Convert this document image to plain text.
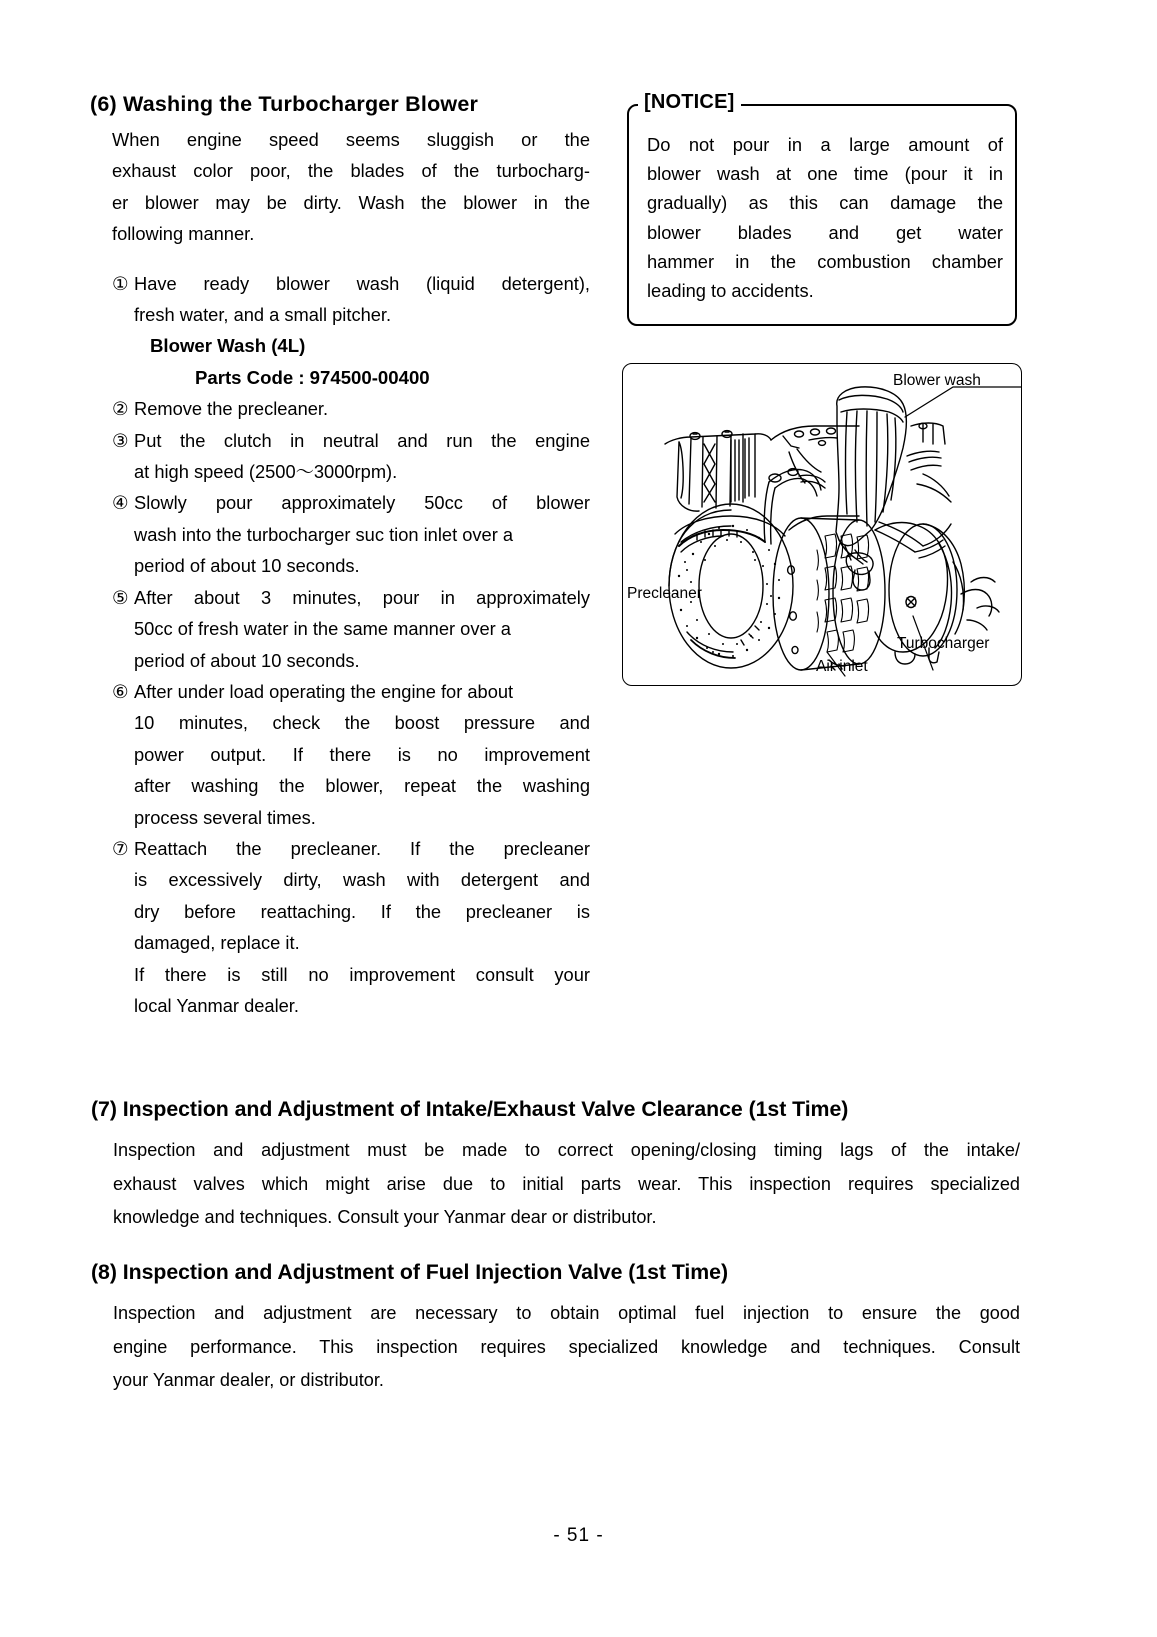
(6) Washing the Turbocharger Blower
When engine speed seems sluggish or the
exhaust color poor, the blades of the turbocharg-
er blower may be dirty. Wash the blower in the
following manner.
① Have ready blower wash (liquid detergent),
fresh water, and a small pitcher.
Blower Wash (4L)
Parts Code : 974500-00400
② Remove the precleaner.
③ Put the clutch in neutral and run the engine
at high speed (2500～3000rpm).
④ Slowly pour approximately 50cc of blower
wash into the turbocharger suc tion inlet over a
period of about 10 seconds.
⑤ After about 3 minutes, pour in approximately
50cc of fresh water in the same manner over a
period of about 10 seconds.
⑥ After under load operating the engine for about
10 minutes, check the boost pressure and
power output. If there is no improvement
after washing the blower, repeat the washing
process several times.
⑦ Reattach the precleaner. If the precleaner
is excessively dirty, wash with detergent and
dry before reattaching. If the precleaner is
damaged, replace it.
If there is still no improvement consult your
local Yanmar dealer.
[NOTICE]
Do not pour in a large amount of
blower wash at one time (pour it in
gradually) as this can damage the
blower blades and get water
hammer in the combustion chamber
leading to accidents.
Blower wash
Precleaner
Turbocharger
Air inlet
(7) Inspection and Adjustment of Intake/Exhaust Valve Clearance (1st Time)
Inspection and adjustment must be made to correct opening/closing timing lags of the intake/
exhaust valves which might arise due to initial parts wear. This inspection requires specialized
knowledge and techniques. Consult your Yanmar dear or distributor.
(8) Inspection and Adjustment of Fuel Injection Valve (1st Time)
Inspection and adjustment are necessary to obtain optimal fuel injection to ensure the good
engine performance. This inspection requires specialized knowledge and techniques. Consult
your Yanmar dealer, or distributor.
- 51 -
